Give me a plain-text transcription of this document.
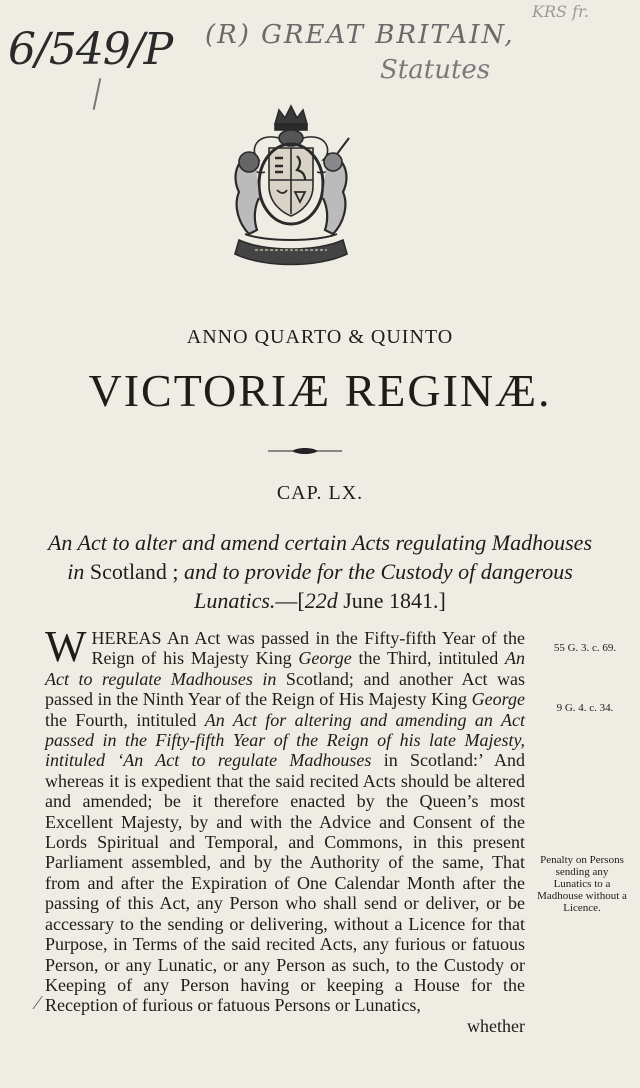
6/549/P (R) GREAT BRITAIN,
Statutes
KRS fr.
ANNO QUARTO & QUINTO
VICTORIÆ REGINÆ.
CAP. LX.
An Act to alter and amend certain Acts regulating Madhouses in Scotland ; and to provide for the Custody of dangerous Lunatics.—[22d June 1841.]

W HEREAS An Act was passed in the Fifty-fifth Year of the Reign of his Majesty King George the Third, intituled An Act to regulate Madhouses in Scotland; and another Act was passed in the Ninth Year of the Reign of His Majesty King George the Fourth, intituled An Act for altering and amending an Act passed in the Fifty-fifth Year of the Reign of his late Majesty, intituled ‘An Act to regulate Madhouses in Scotland:’ And whereas it is expedient that the said recited Acts should be altered and amended; be it therefore enacted by the Queen’s most Excellent Majesty, by and with the Advice and Consent of the Lords Spiritual and Temporal, and Commons, in this present Parliament assembled, and by the Authority of the same, That from and after the Expiration of One Calendar Month after the passing of this Act, any Person who shall send or deliver, or be accessary to the sending or delivering, without a Licence for that Purpose, in Terms of the said recited Acts, any furious or fatuous Person, or any Lunatic, or any Person as such, to the Custody or Keeping of any Person having or keeping a House for the Reception of furious or fatuous Persons or Lunatics,

whether
55 G. 3. c. 69.
9 G. 4. c. 34.
Penalty on Persons sending any Lunatics to a Madhouse without a Licence.
⁄
